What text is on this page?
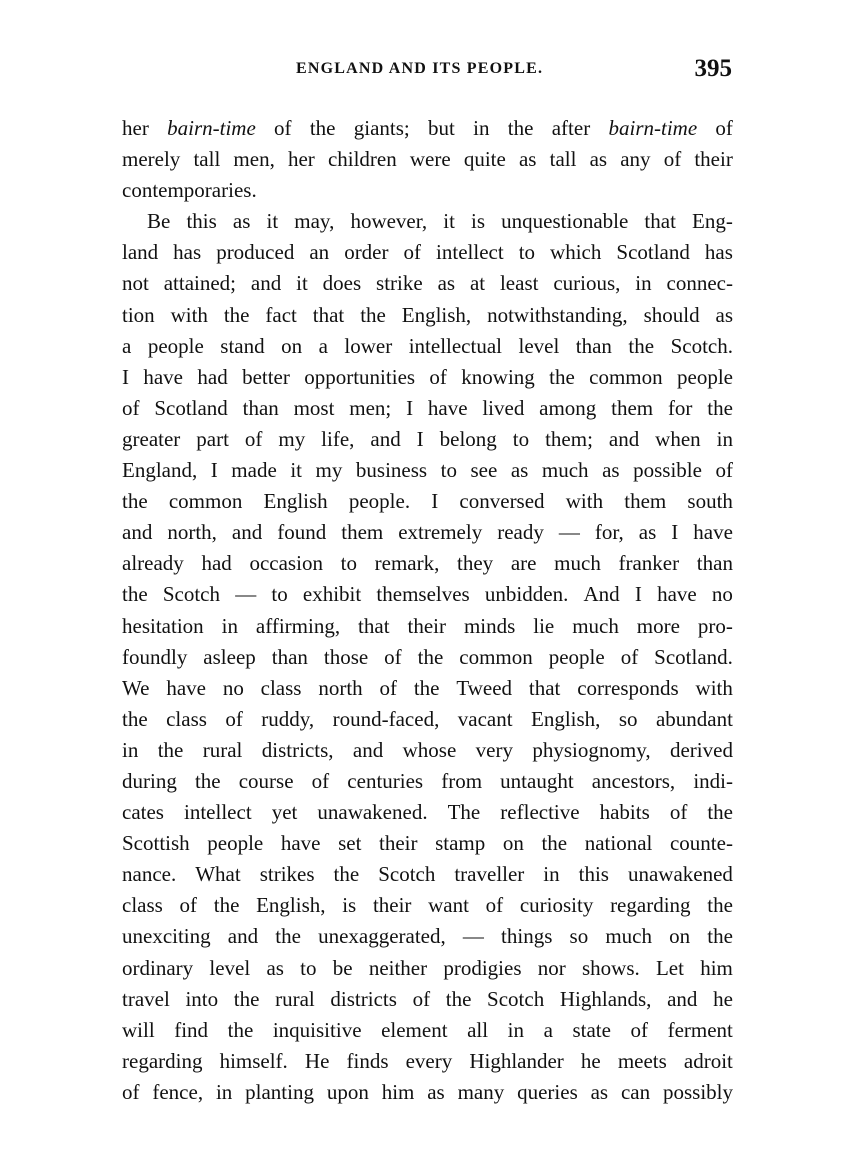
ENGLAND AND ITS PEOPLE.	395
her bairn-time of the giants; but in the after bairn-time of
merely tall men, her children were quite as tall as any of their
contemporaries.
Be this as it may, however, it is unquestionable that Eng-
land has produced an order of intellect to which Scotland has
not attained; and it does strike as at least curious, in connec-
tion with the fact that the English, notwithstanding, should as
a people stand on a lower intellectual level than the Scotch.
I have had better opportunities of knowing the common people
of Scotland than most men; I have lived among them for the
greater part of my life, and I belong to them; and when in
England, I made it my business to see as much as possible of
the common English people. I conversed with them south
and north, and found them extremely ready — for, as I have
already had occasion to remark, they are much franker than
the Scotch — to exhibit themselves unbidden. And I have no
hesitation in affirming, that their minds lie much more pro-
foundly asleep than those of the common people of Scotland.
We have no class north of the Tweed that corresponds with
the class of ruddy, round-faced, vacant English, so abundant
in the rural districts, and whose very physiognomy, derived
during the course of centuries from untaught ancestors, indi-
cates intellect yet unawakened. The reflective habits of the
Scottish people have set their stamp on the national counte-
nance. What strikes the Scotch traveller in this unawakened
class of the English, is their want of curiosity regarding the
unexciting and the unexaggerated, — things so much on the
ordinary level as to be neither prodigies nor shows. Let him
travel into the rural districts of the Scotch Highlands, and he
will find the inquisitive element all in a state of ferment
regarding himself. He finds every Highlander he meets adroit
of fence, in planting upon him as many queries as can possibly
